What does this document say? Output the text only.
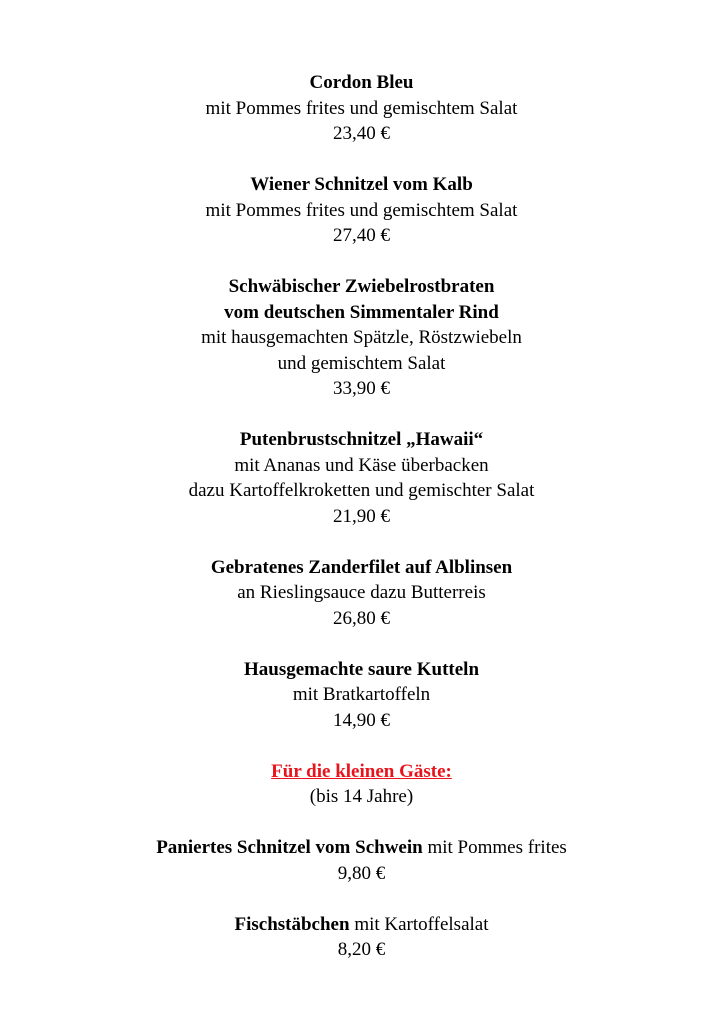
Cordon Bleu
mit Pommes frites und gemischtem Salat
23,40 €
Wiener Schnitzel vom Kalb
mit Pommes frites und gemischtem Salat
27,40 €
Schwäbischer Zwiebelrostbraten
vom deutschen Simmentaler Rind
mit hausgemachten Spätzle, Röstzwiebeln
und gemischtem Salat
33,90 €
Putenbrustschnitzel „Hawaii“
mit Ananas und Käse überbacken
dazu Kartoffelkroketten und gemischter Salat
21,90 €
Gebratenes Zanderfilet auf Alblinsen
an Rieslingsauce dazu Butterreis
26,80 €
Hausgemachte saure Kutteln
mit Bratkartoffeln
14,90 €
Für die kleinen Gäste:
(bis 14 Jahre)
Paniertes Schnitzel vom Schwein mit Pommes frites
9,80 €
Fischstäbchen mit Kartoffelsalat
8,20 €
